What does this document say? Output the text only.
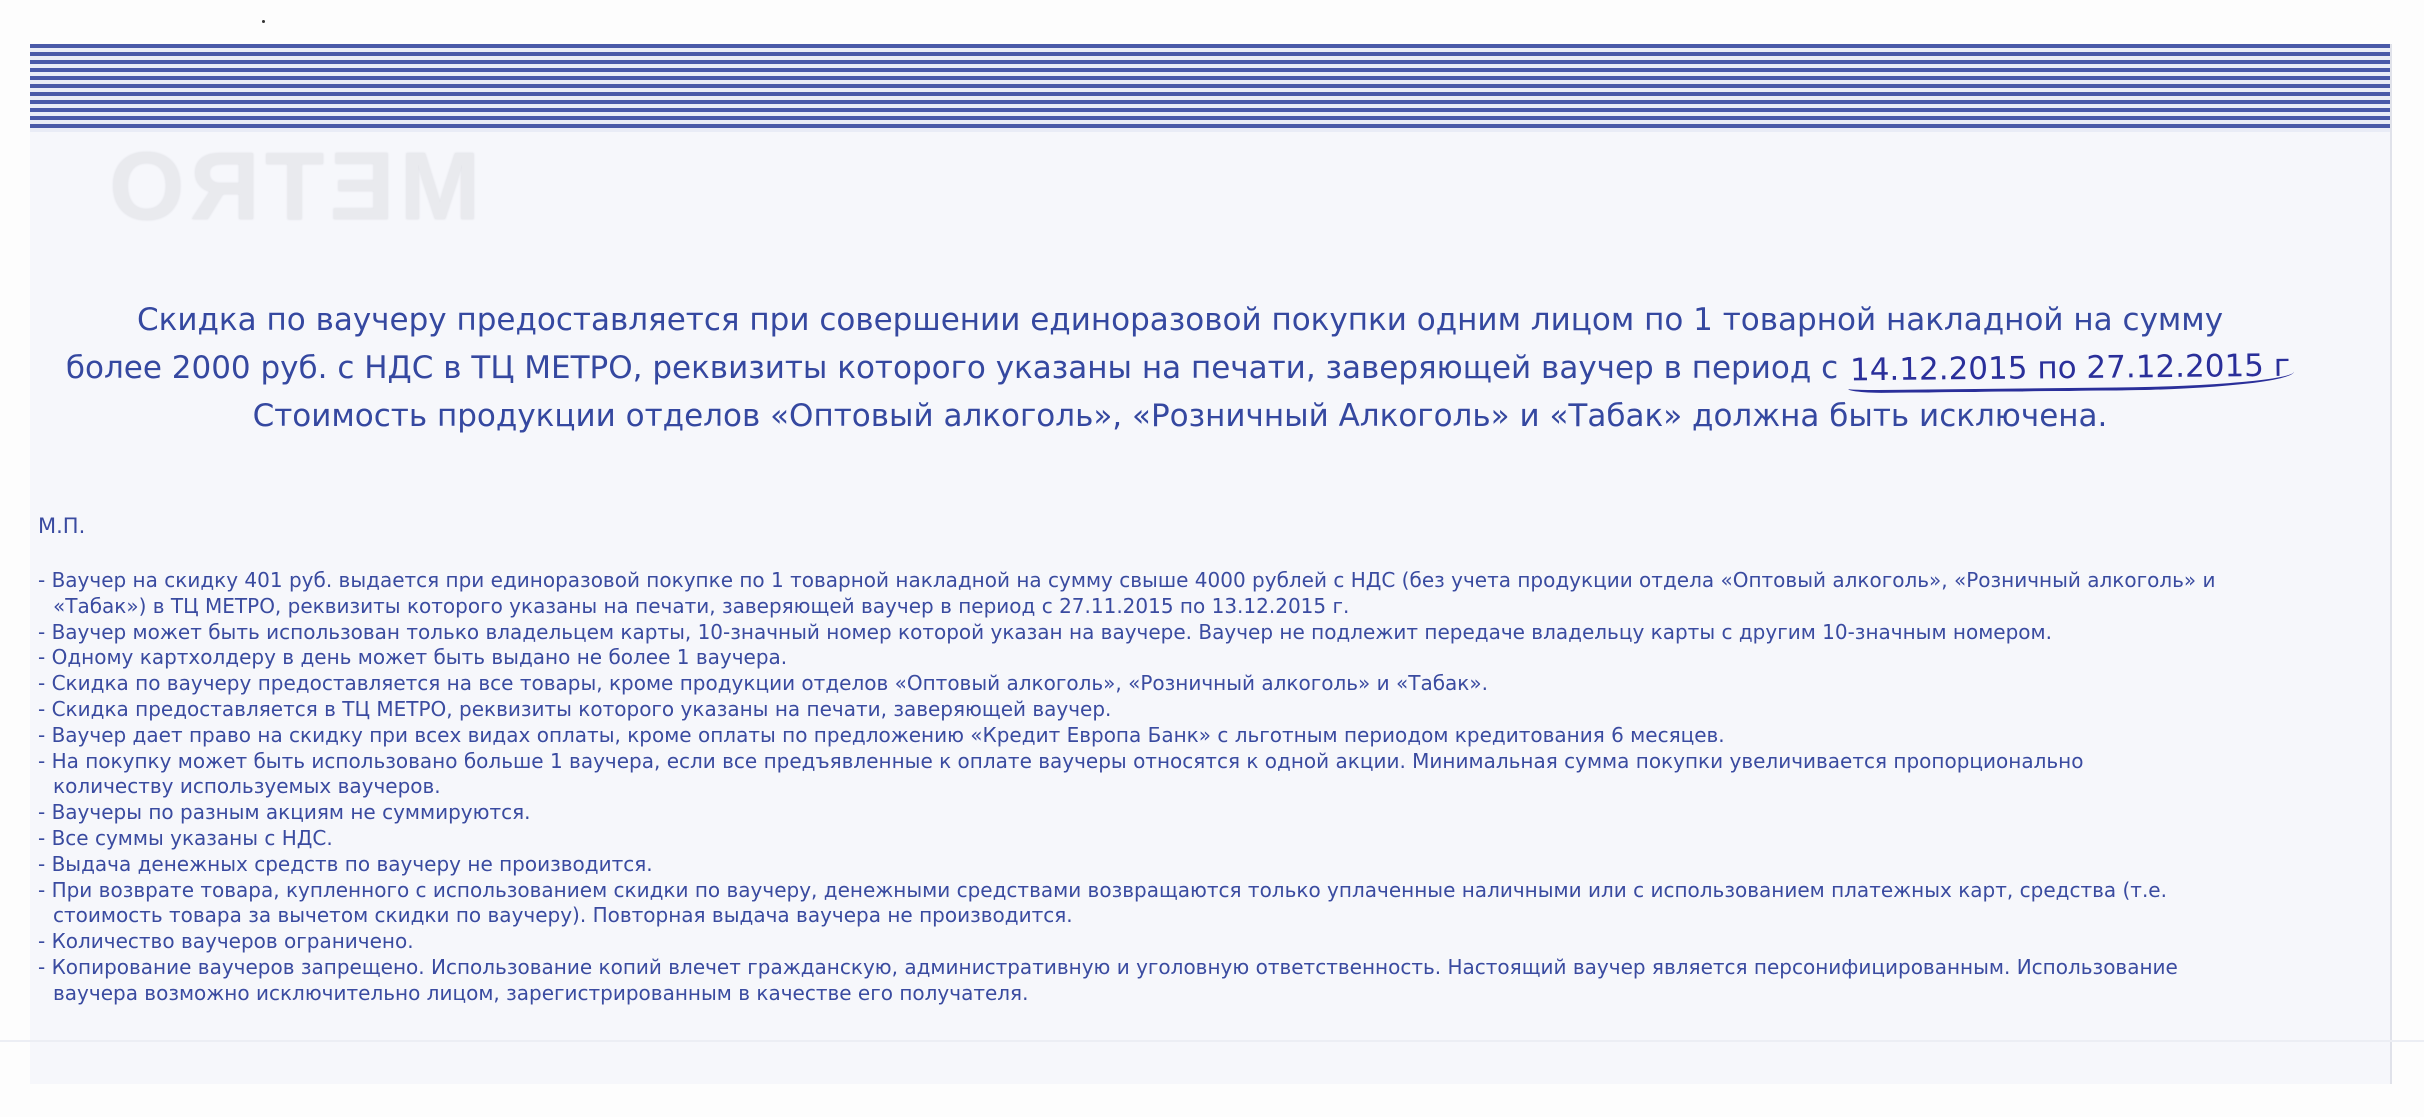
METRO
Скидка по ваучеру предоставляется при совершении единоразовой покупки одним лицом по 1 товарной накладной на сумму
более 2000 руб. с НДС в ТЦ МЕТРО, реквизиты которого указаны на печати, заверяющей ваучер в период с 14.12.2015 по 27.12.2015 г
Стоимость продукции отделов «Оптовый алкоголь», «Розничный Алкоголь» и «Табак» должна быть исключена.
М.П.
- Ваучер на скидку 401 руб. выдается при единоразовой покупке по 1 товарной накладной на сумму свыше 4000 рублей с НДС (без учета продукции отдела «Оптовый алкоголь», «Розничный алкоголь» и
«Табак») в ТЦ МЕТРО, реквизиты которого указаны на печати, заверяющей ваучер в период с 27.11.2015 по 13.12.2015 г.
- Ваучер может быть использован только владельцем карты, 10-значный номер которой указан на ваучере. Ваучер не подлежит передаче владельцу карты с другим 10-значным номером.
- Одному картхолдеру в день может быть выдано не более 1 ваучера.
- Скидка по ваучеру предоставляется на все товары, кроме продукции отделов «Оптовый алкоголь», «Розничный алкоголь» и «Табак».
- Скидка предоставляется в ТЦ МЕТРО, реквизиты которого указаны на печати, заверяющей ваучер.
- Ваучер дает право на скидку при всех видах оплаты, кроме оплаты по предложению «Кредит Европа Банк» с льготным периодом кредитования 6 месяцев.
- На покупку может быть использовано больше 1 ваучера, если все предъявленные к оплате ваучеры относятся к одной акции. Минимальная сумма покупки увеличивается пропорционально
количеству используемых ваучеров.
- Ваучеры по разным акциям не суммируются.
- Все суммы указаны с НДС.
- Выдача денежных средств по ваучеру не производится.
- При возврате товара, купленного с использованием скидки по ваучеру, денежными средствами возвращаются только уплаченные наличными или с использованием платежных карт, средства (т.е.
стоимость товара за вычетом скидки по ваучеру). Повторная выдача ваучера не производится.
- Количество ваучеров ограничено.
- Копирование ваучеров запрещено. Использование копий влечет гражданскую, административную и уголовную ответственность. Настоящий ваучер является персонифицированным. Использование
ваучера возможно исключительно лицом, зарегистрированным в качестве его получателя.
